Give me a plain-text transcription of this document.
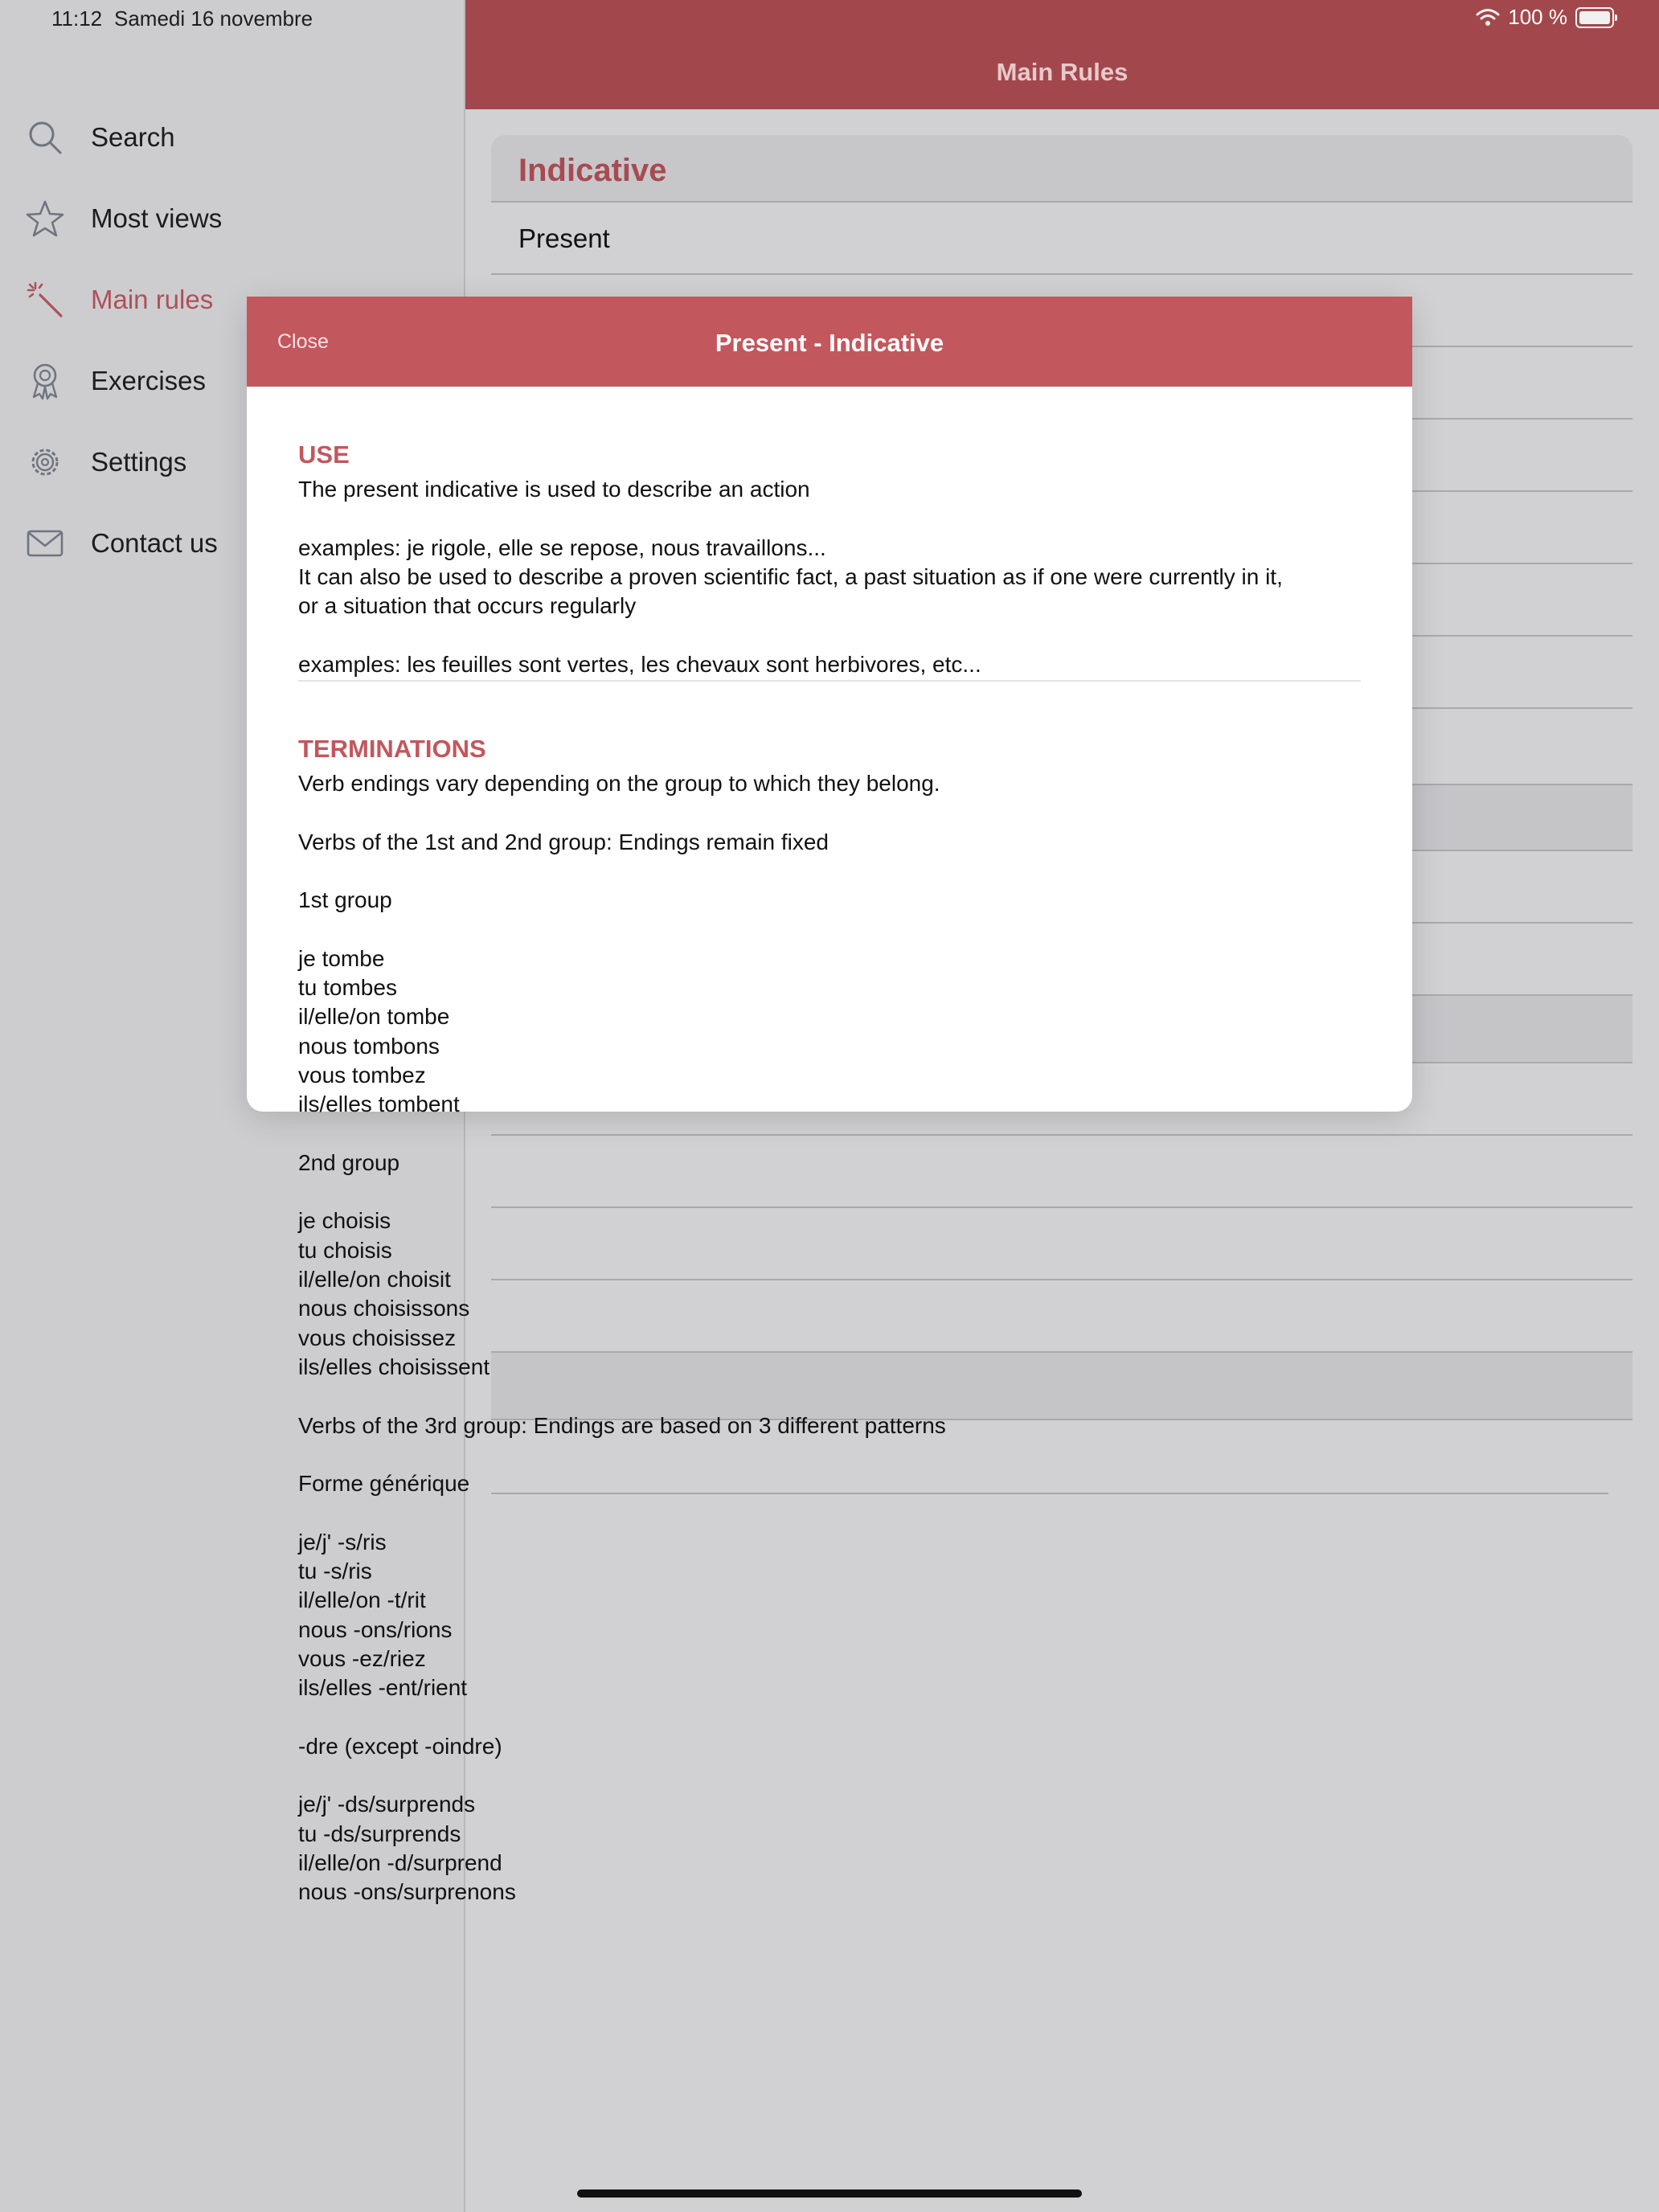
Search
Most views
Main rules
Exercises
Settings
Contact us
Main Rules
Indicative
Present
11:12 Samedi 16 novembre	100 %
Close	Present - Indicative
USE
The present indicative is used to describe an action

examples: je rigole, elle se repose, nous travaillons...
It can also be used to describe a proven scientific fact, a past situation as if one were currently in it,
or a situation that occurs regularly

examples: les feuilles sont vertes, les chevaux sont herbivores, etc...
TERMINATIONS
Verb endings vary depending on the group to which they belong.

Verbs of the 1st and 2nd group: Endings remain fixed

1st group

je tombe
tu tombes
il/elle/on tombe
nous tombons
vous tombez
ils/elles tombent

2nd group

je choisis
tu choisis
il/elle/on choisit
nous choisissons
vous choisissez
ils/elles choisissent

Verbs of the 3rd group: Endings are based on 3 different patterns

Forme générique

je/j' -s/ris
tu -s/ris
il/elle/on -t/rit
nous -ons/rions
vous -ez/riez
ils/elles -ent/rient

-dre (except -oindre)

je/j' -ds/surprends
tu -ds/surprends
il/elle/on -d/surprend
nous -ons/surprenons
